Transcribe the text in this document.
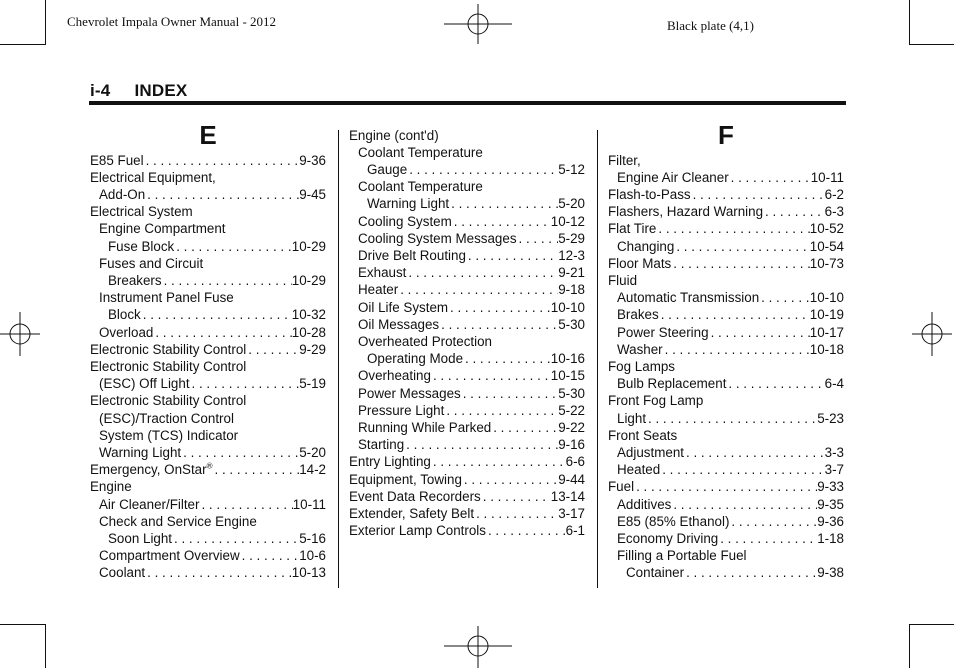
Chevrolet Impala Owner Manual - 2012	Black plate (4,1)
i-4 INDEX
E
E85 Fuel . . .	9-36
Electrical Equipment,
Add-On . . .	9-45
Electrical System
Engine Compartment
Fuse Block . . .	10-29
Fuses and Circuit
Breakers . . .	10-29
Instrument Panel Fuse
Block . . .	10-32
Overload . . .	10-28
Electronic Stability Control . . .	9-29
Electronic Stability Control
(ESC) Off Light . . .	5-19
Electronic Stability Control
(ESC)/Traction Control
System (TCS) Indicator
Warning Light . . .	5-20
Emergency, OnStar® . . .	14-2
Engine
Air Cleaner/Filter . . .	10-11
Check and Service Engine
Soon Light . . .	5-16
Compartment Overview . . .	10-6
Coolant . . .	10-13
Engine (cont'd)
Coolant Temperature
Gauge . . .	5-12
Coolant Temperature
Warning Light . . .	5-20
Cooling System . . .	10-12
Cooling System Messages . . .	5-29
Drive Belt Routing . . .	12-3
Exhaust . . .	9-21
Heater . . .	9-18
Oil Life System . . .	10-10
Oil Messages . . .	5-30
Overheated Protection
Operating Mode . . .	10-16
Overheating . . .	10-15
Power Messages . . .	5-30
Pressure Light . . .	5-22
Running While Parked . . .	9-22
Starting . . .	9-16
Entry Lighting . . .	6-6
Equipment, Towing . . .	9-44
Event Data Recorders . . .	13-14
Extender, Safety Belt . . .	3-17
Exterior Lamp Controls . . .	6-1
F
Filter,
Engine Air Cleaner . . .	10-11
Flash-to-Pass . . .	6-2
Flashers, Hazard Warning . . .	6-3
Flat Tire . . .	10-52
Changing . . .	10-54
Floor Mats . . .	10-73
Fluid
Automatic Transmission . . .	10-10
Brakes . . .	10-19
Power Steering . . .	10-17
Washer . . .	10-18
Fog Lamps
Bulb Replacement . . .	6-4
Front Fog Lamp
Light . . .	5-23
Front Seats
Adjustment . . .	3-3
Heated . . .	3-7
Fuel . . .	9-33
Additives . . .	9-35
E85 (85% Ethanol) . . .	9-36
Economy Driving . . .	1-18
Filling a Portable Fuel
Container . . .	9-38
